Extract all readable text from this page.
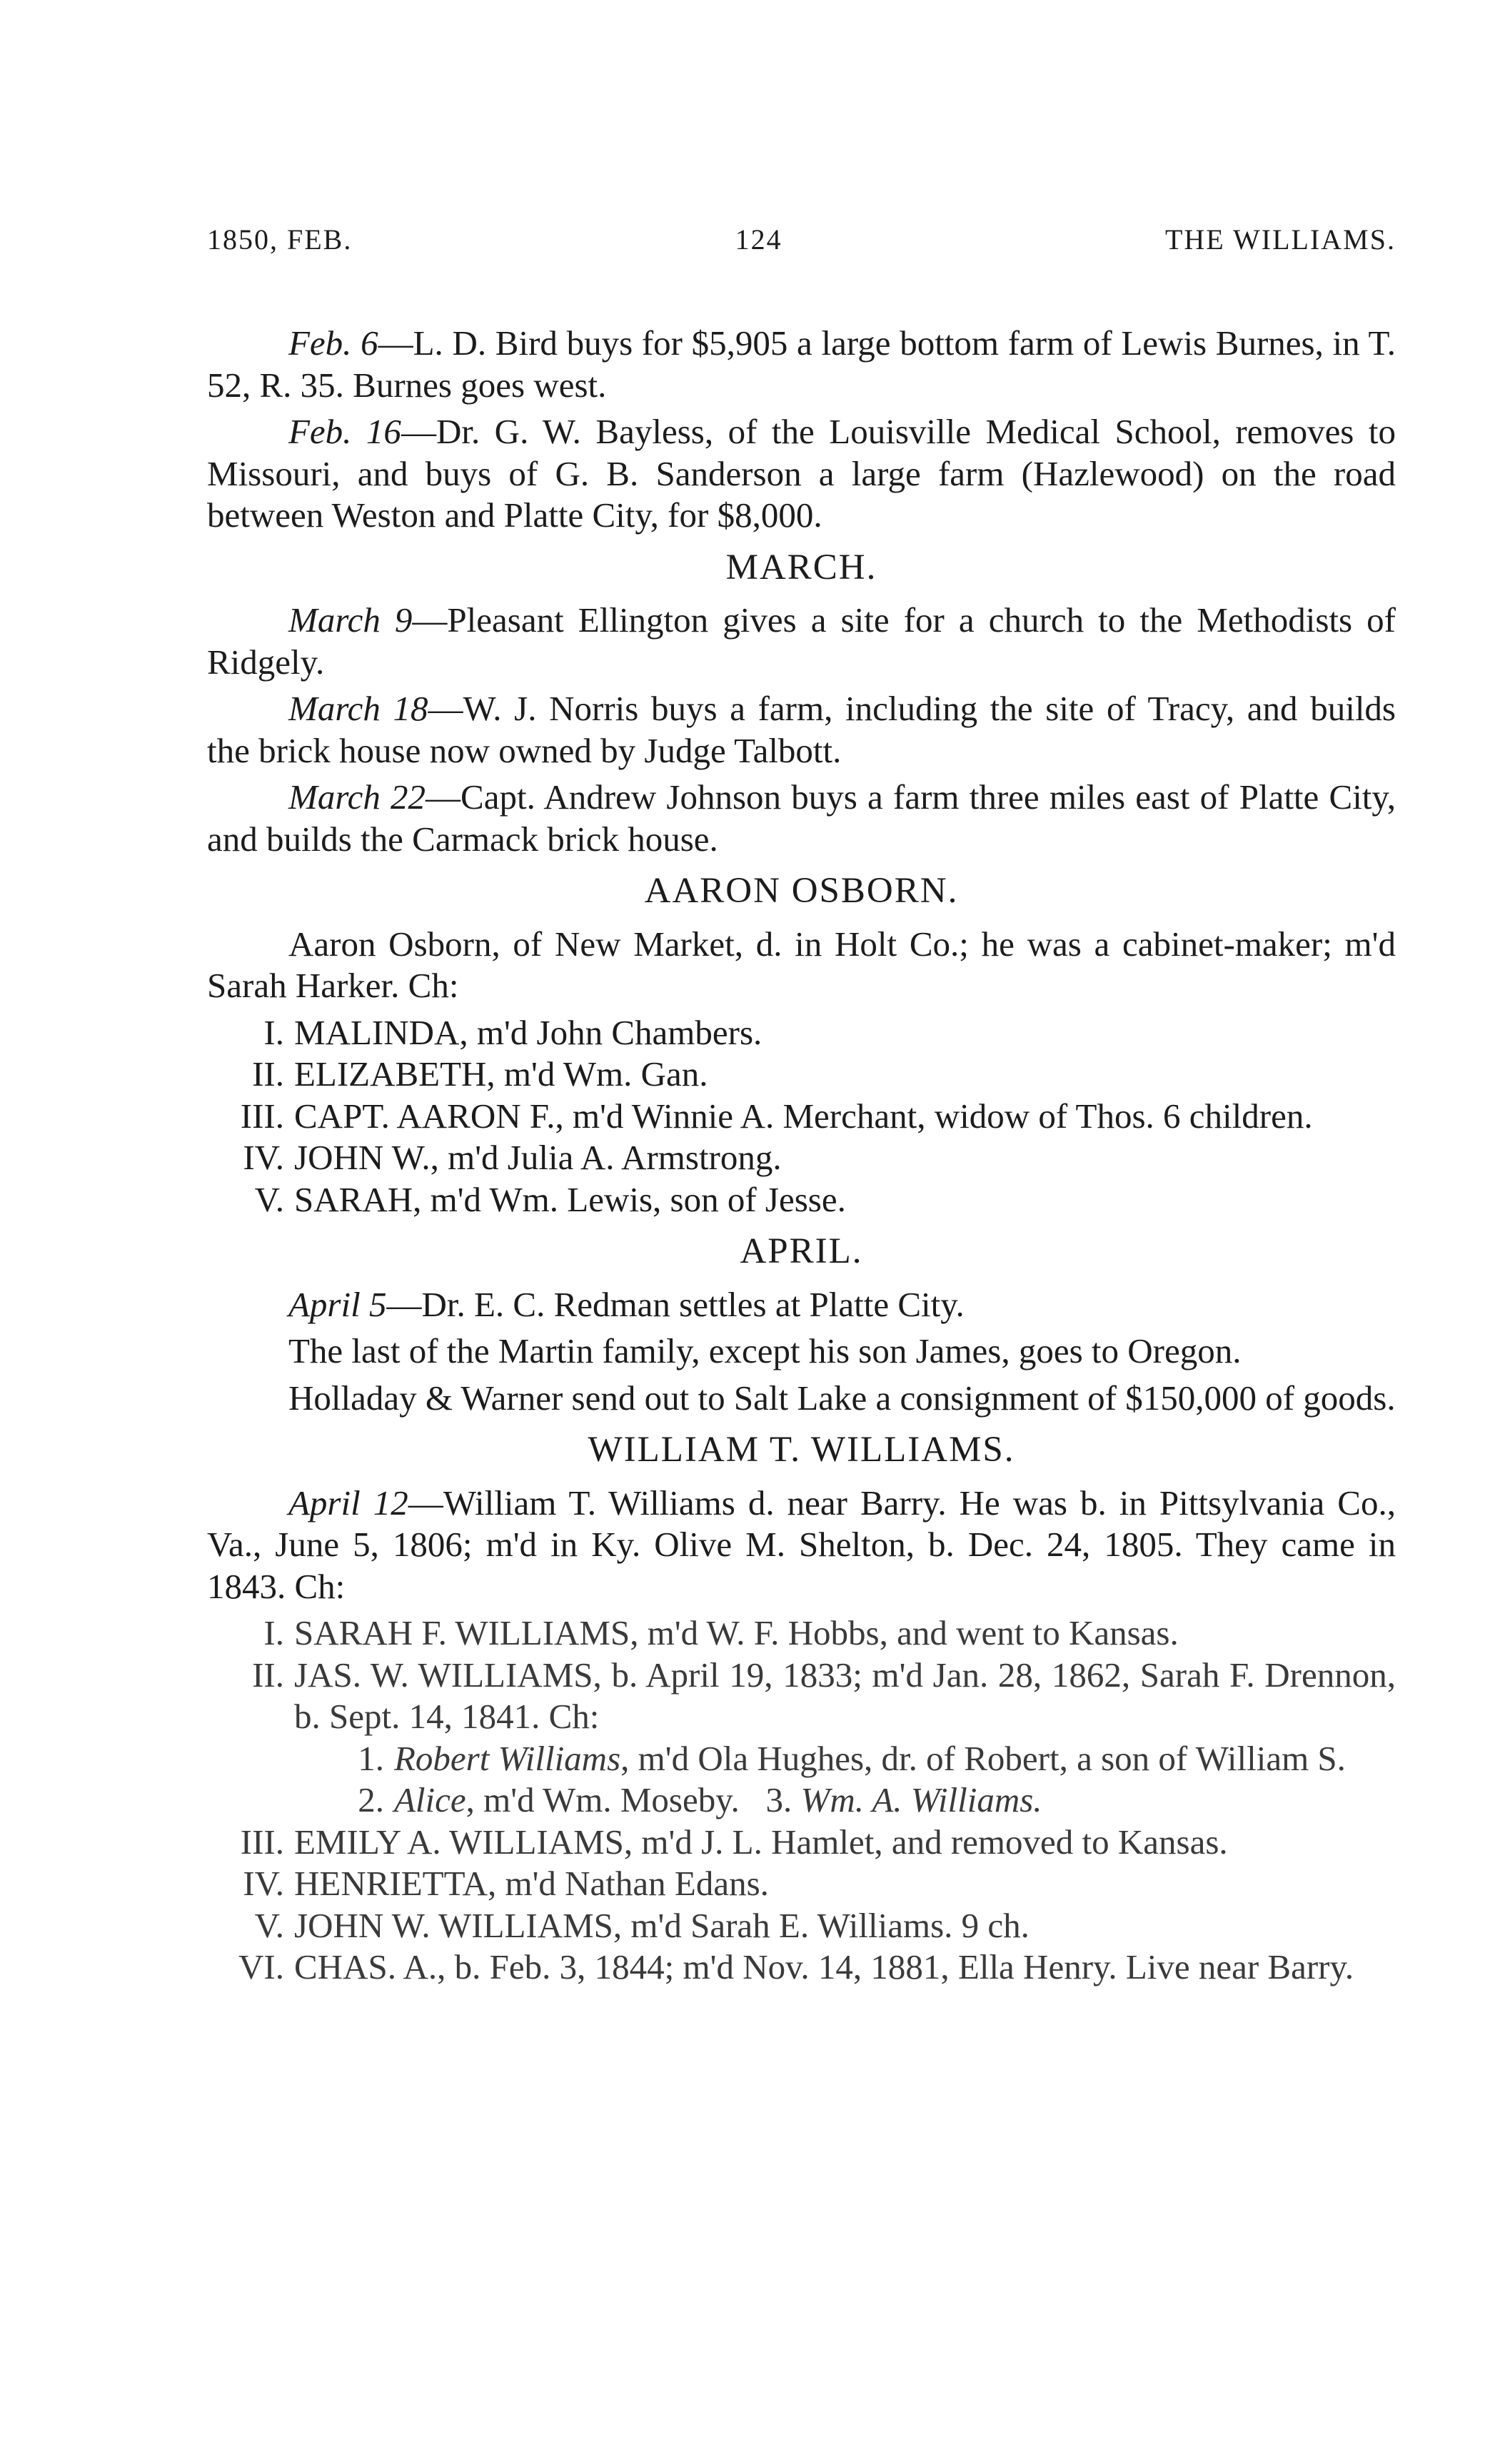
1850, FEB.	124	THE WILLIAMS.

Feb. 6—L. D. Bird buys for $5,905 a large bottom farm of Lewis Burnes, in T. 52, R. 35. Burnes goes west.

Feb. 16—Dr. G. W. Bayless, of the Louisville Medical School, removes to Missouri, and buys of G. B. Sanderson a large farm (Hazlewood) on the road between Weston and Platte City, for $8,000.

MARCH.

March 9—Pleasant Ellington gives a site for a church to the Methodists of Ridgely.

March 18—W. J. Norris buys a farm, including the site of Tracy, and builds the brick house now owned by Judge Talbott.

March 22—Capt. Andrew Johnson buys a farm three miles east of Platte City, and builds the Carmack brick house.

AARON OSBORN.

Aaron Osborn, of New Market, d. in Holt Co.; he was a cabinet-maker; m'd Sarah Harker. Ch:

I. MALINDA, m'd John Chambers.
II. ELIZABETH, m'd Wm. Gan.
III. CAPT. AARON F., m'd Winnie A. Merchant, widow of Thos. 6 children.
IV. JOHN W., m'd Julia A. Armstrong.
V. SARAH, m'd Wm. Lewis, son of Jesse.
APRIL.

April 5—Dr. E. C. Redman settles at Platte City.

The last of the Martin family, except his son James, goes to Oregon.

Holladay & Warner send out to Salt Lake a consignment of $150,000 of goods.

WILLIAM T. WILLIAMS.

April 12—William T. Williams d. near Barry. He was b. in Pittsylvania Co., Va., June 5, 1806; m'd in Ky. Olive M. Shelton, b. Dec. 24, 1805. They came in 1843. Ch:

I. SARAH F. WILLIAMS, m'd W. F. Hobbs, and went to Kansas.
II. JAS. W. WILLIAMS, b. April 19, 1833; m'd Jan. 28, 1862, Sarah F. Drennon, b. Sept. 14, 1841. Ch:
1. Robert Williams, m'd Ola Hughes, dr. of Robert, a son of William S.
2. Alice, m'd Wm. Moseby. 3. Wm. A. Williams.
III. EMILY A. WILLIAMS, m'd J. L. Hamlet, and removed to Kansas.
IV. HENRIETTA, m'd Nathan Edans.
V. JOHN W. WILLIAMS, m'd Sarah E. Williams. 9 ch.
VI. CHAS. A., b. Feb. 3, 1844; m'd Nov. 14, 1881, Ella Henry. Live near Barry.
